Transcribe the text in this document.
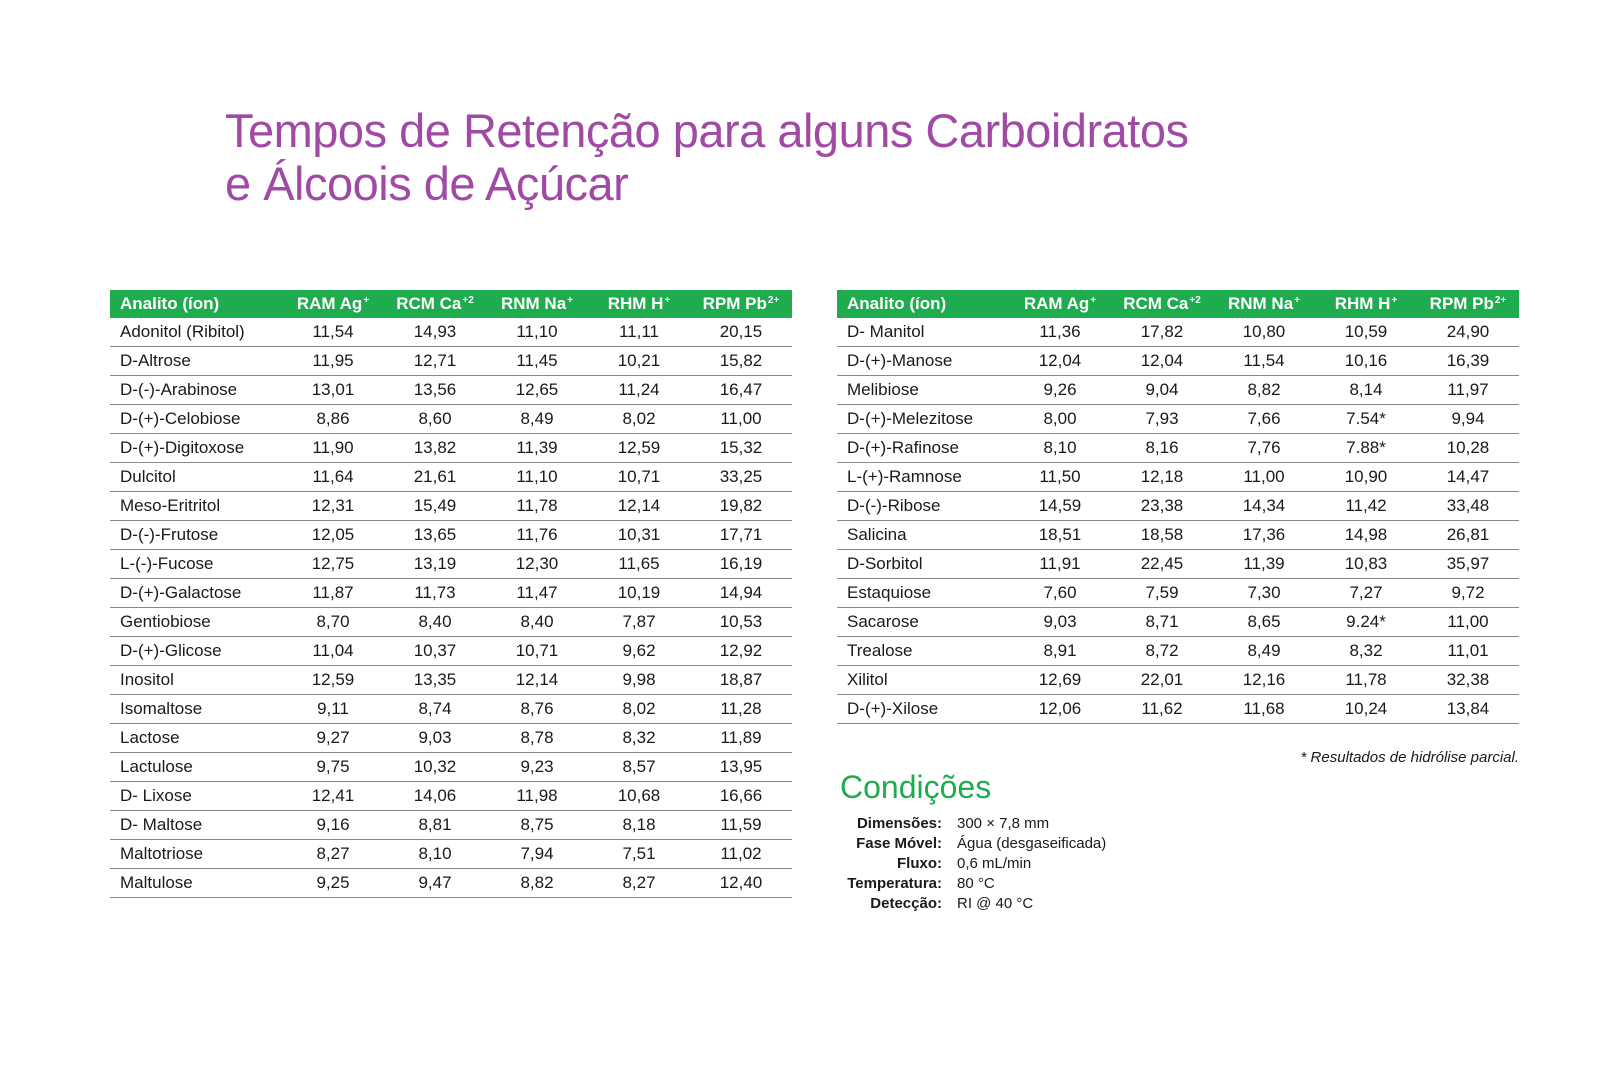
Tempos de Retenção para alguns Carboidratos
e Álcoois de Açúcar
Analito (íon)	RAM Ag+	RCM $Ca^{+2}$	RNM Na+	RHM H+	RPM $Pb^{2+}$
Adonitol (Ribitol)	11,54	14,93	11,10	11,11	20,15
D-Altrose	11,95	12,71	11,45	10,21	15,82
D-(-)-Arabinose	13,01	13,56	12,65	11,24	16,47
D-(+)-Celobiose	8,86	8,60	8,49	8,02	11,00
D-(+)-Digitoxose	11,90	13,82	11,39	12,59	15,32
Dulcitol	11,64	21,61	11,10	10,71	33,25
Meso-Eritritol	12,31	15,49	11,78	12,14	19,82
D-(-)-Frutose	12,05	13,65	11,76	10,31	17,71
L-(-)-Fucose	12,75	13,19	12,30	11,65	16,19
D-(+)-Galactose	11,87	11,73	11,47	10,19	14,94
Gentiobiose	8,70	8,40	8,40	7,87	10,53
D-(+)-Glicose	11,04	10,37	10,71	9,62	12,92
Inositol	12,59	13,35	12,14	9,98	18,87
Isomaltose	9,11	8,74	8,76	8,02	11,28
Lactose	9,27	9,03	8,78	8,32	11,89
Lactulose	9,75	10,32	9,23	8,57	13,95
D- Lixose	12,41	14,06	11,98	10,68	16,66
D- Maltose	9,16	8,81	8,75	8,18	11,59
Maltotriose	8,27	8,10	7,94	7,51	11,02
Maltulose	9,25	9,47	8,82	8,27	12,40
Analito (íon)	RAM Ag+	RCM $Ca^{+2}$	RNM Na+	RHM H+	RPM $Pb^{2+}$
D- Manitol	11,36	17,82	10,80	10,59	24,90
D-(+)-Manose	12,04	12,04	11,54	10,16	16,39
Melibiose	9,26	9,04	8,82	8,14	11,97
D-(+)-Melezitose	8,00	7,93	7,66	7.54*	9,94
D-(+)-Rafinose	8,10	8,16	7,76	7.88*	10,28
L-(+)-Ramnose	11,50	12,18	11,00	10,90	14,47
D-(-)-Ribose	14,59	23,38	14,34	11,42	33,48
Salicina	18,51	18,58	17,36	14,98	26,81
D-Sorbitol	11,91	22,45	11,39	10,83	35,97
Estaquiose	7,60	7,59	7,30	7,27	9,72
Sacarose	9,03	8,71	8,65	9.24*	11,00
Trealose	8,91	8,72	8,49	8,32	11,01
Xilitol	12,69	22,01	12,16	11,78	32,38
D-(+)-Xilose	12,06	11,62	11,68	10,24	13,84
* Resultados de hidrólise parcial.
Condições
Dimensões:	300 × 7,8 mm
Fase Móvel:	Água (desgaseificada)
Fluxo:	0,6 mL/min
Temperatura:	80 °C
Detecção:	RI @ 40 °C
